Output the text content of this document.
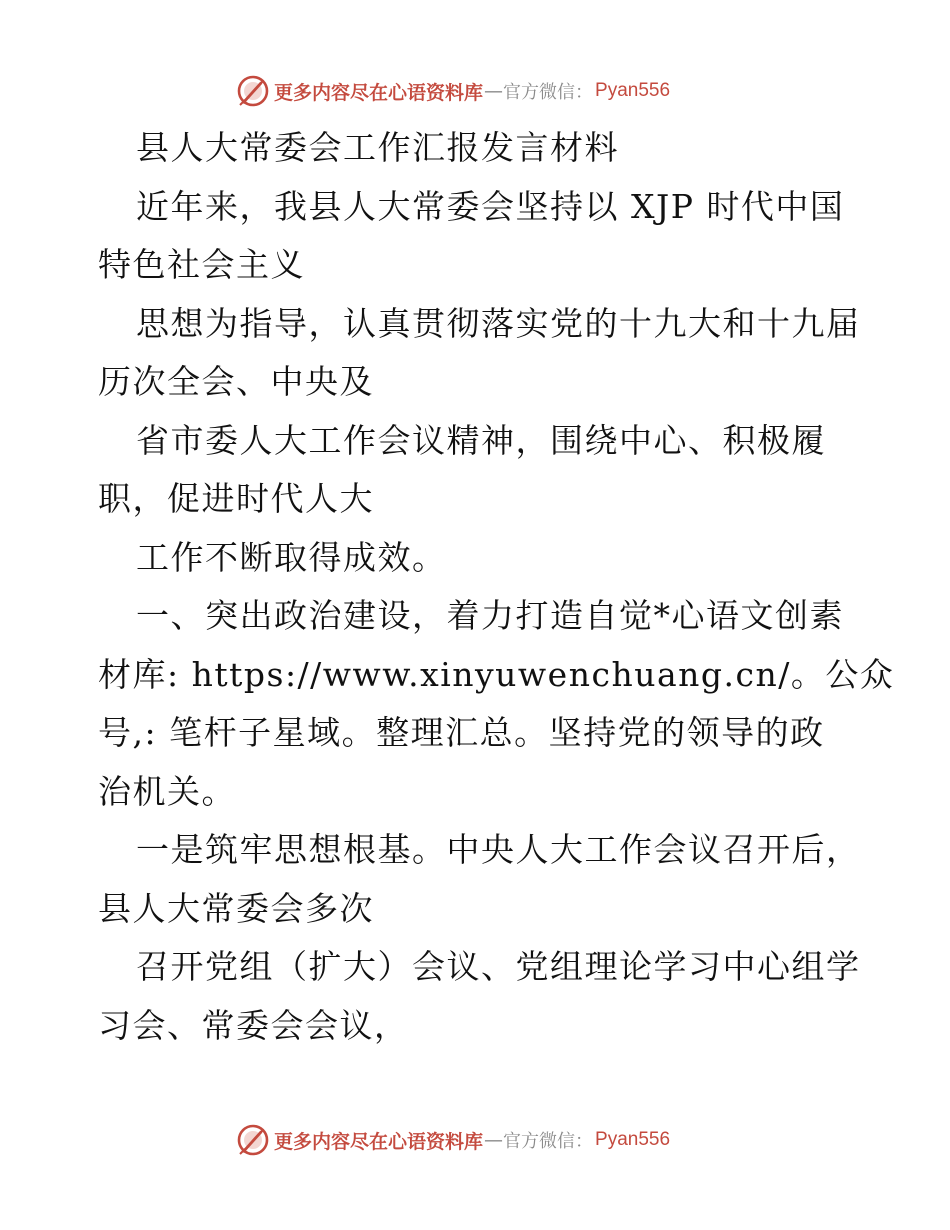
更多内容尽在心语资料库 — 官方微信： Pyan556
县人大常委会工作汇报发言材料
近年来，我县人大常委会坚持以 XJP 时代中国
特色社会主义
思想为指导，认真贯彻落实党的十九大和十九届
历次全会、中央及
省市委人大工作会议精神，围绕中心、积极履
职，促进时代人大
工作不断取得成效。
一、突出政治建设，着力打造自觉*心语文创素
材库: https://www.xinyuwenchuang.cn/。公众
号,: 笔杆子星域。整理汇总。坚持党的领导的政
治机关。
一是筑牢思想根基。中央人大工作会议召开后，
县人大常委会多次
召开党组（扩大）会议、党组理论学习中心组学
习会、常委会会议，
更多内容尽在心语资料库 — 官方微信： Pyan556
